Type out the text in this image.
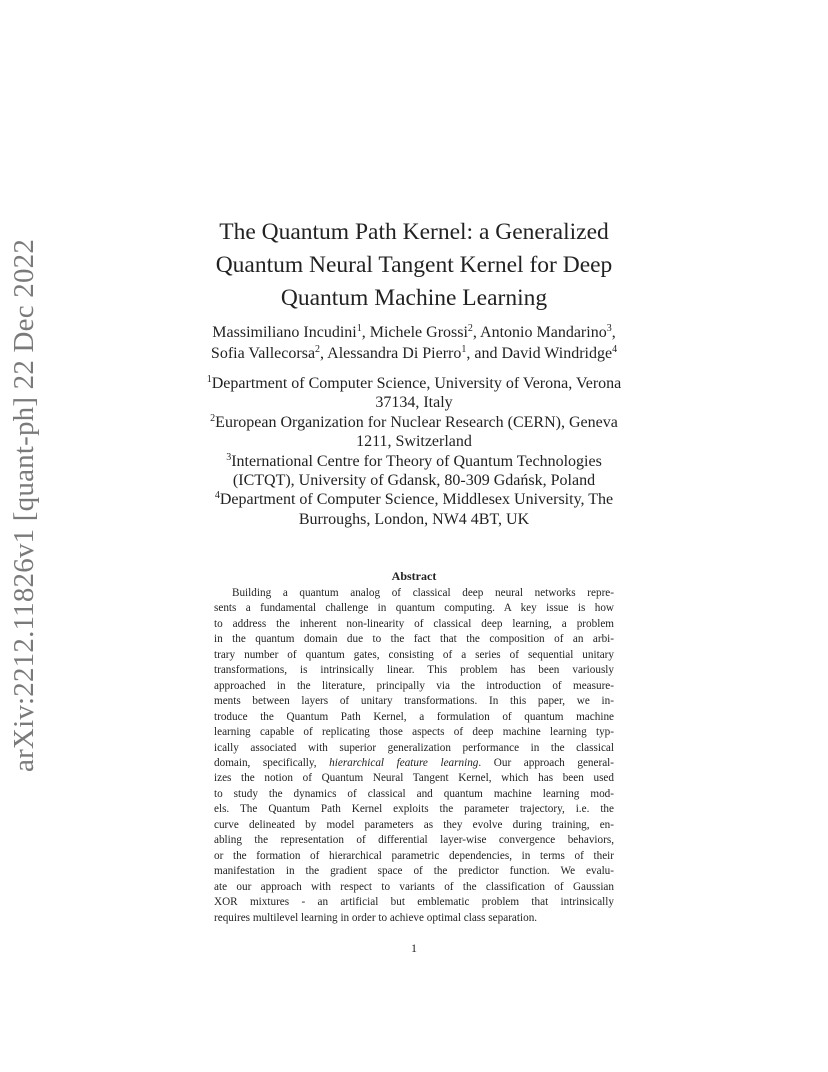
arXiv:2212.11826v1 [quant-ph] 22 Dec 2022
The Quantum Path Kernel: a Generalized
Quantum Neural Tangent Kernel for Deep
Quantum Machine Learning
Massimiliano Incudini$^1$, Michele Grossi$^2$, Antonio Mandarino$^3$,
Sofia Vallecorsa$^2$, Alessandra Di Pierro$^1$, and David Windridge$^4$
$^1$Department of Computer Science, University of Verona, Verona
37134, Italy
$^2$European Organization for Nuclear Research (CERN), Geneva
1211, Switzerland
$^3$International Centre for Theory of Quantum Technologies
(ICTQT), University of Gdansk, 80-309 Gdańsk, Poland
$^4$Department of Computer Science, Middlesex University, The
Burroughs, London, NW4 4BT, UK
Abstract
Building a quantum analog of classical deep neural networks repre-
sents a fundamental challenge in quantum computing. A key issue is how
to address the inherent non-linearity of classical deep learning, a problem
in the quantum domain due to the fact that the composition of an arbi-
trary number of quantum gates, consisting of a series of sequential unitary
transformations, is intrinsically linear. This problem has been variously
approached in the literature, principally via the introduction of measure-
ments between layers of unitary transformations. In this paper, we in-
troduce the Quantum Path Kernel, a formulation of quantum machine
learning capable of replicating those aspects of deep machine learning typ-
ically associated with superior generalization performance in the classical
domain, specifically, hierarchical feature learning. Our approach general-
izes the notion of Quantum Neural Tangent Kernel, which has been used
to study the dynamics of classical and quantum machine learning mod-
els. The Quantum Path Kernel exploits the parameter trajectory, i.e. the
curve delineated by model parameters as they evolve during training, en-
abling the representation of differential layer-wise convergence behaviors,
or the formation of hierarchical parametric dependencies, in terms of their
manifestation in the gradient space of the predictor function. We evalu-
ate our approach with respect to variants of the classification of Gaussian
XOR mixtures - an artificial but emblematic problem that intrinsically
requires multilevel learning in order to achieve optimal class separation.
1
